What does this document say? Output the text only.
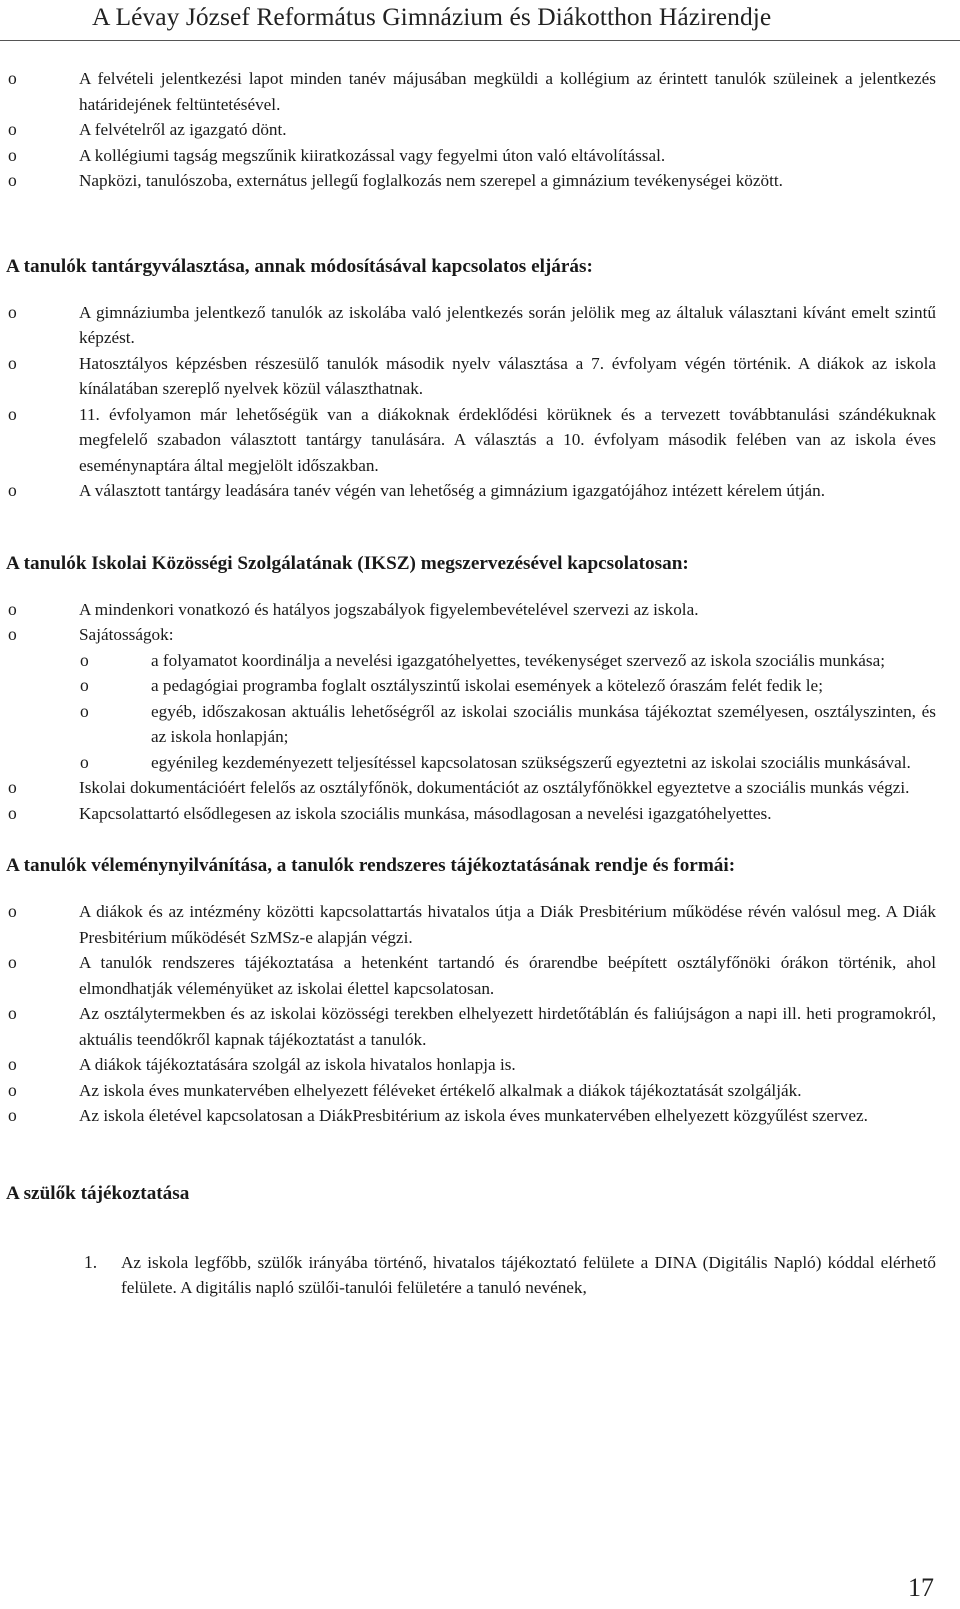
A Lévay József Református Gimnázium és Diákotthon Házirendje
o	A felvételi jelentkezési lapot minden tanév májusában megküldi a kollégium az érintett tanulók szüleinek a jelentkezés határidejének feltüntetésével.
o	A felvételről az igazgató dönt.
o	A kollégiumi tagság megszűnik kiiratkozással vagy fegyelmi úton való eltávolítással.
o	Napközi, tanulószoba, externátus jellegű foglalkozás nem szerepel a gimnázium tevékenységei között.
A tanulók tantárgyválasztása, annak módosításával kapcsolatos eljárás:
o	A gimnáziumba jelentkező tanulók az iskolába való jelentkezés során jelölik meg az általuk választani kívánt emelt szintű képzést.
o	Hatosztályos képzésben részesülő tanulók második nyelv választása a 7. évfolyam végén történik. A diákok az iskola kínálatában szereplő nyelvek közül választhatnak.
o	11. évfolyamon már lehetőségük van a diákoknak érdeklődési körüknek és a tervezett továbbtanulási szándékuknak megfelelő szabadon választott tantárgy tanulására. A választás a 10. évfolyam második felében van az iskola éves eseménynaptára által megjelölt időszakban.
o	A választott tantárgy leadására tanév végén van lehetőség a gimnázium igazgatójához intézett kérelem útján.
A tanulók Iskolai Közösségi Szolgálatának (IKSZ) megszervezésével kapcsolatosan:
o	A mindenkori vonatkozó és hatályos jogszabályok figyelembevételével szervezi az iskola.
o	Sajátosságok:
o	a folyamatot koordinálja a nevelési igazgatóhelyettes, tevékenységet szervező az iskola szociális munkása;
o	a pedagógiai programba foglalt osztályszintű iskolai események a kötelező óraszám felét fedik le;
o	egyéb, időszakosan aktuális lehetőségről az iskolai szociális munkása tájékoztat személyesen, osztályszinten, és az iskola honlapján;
o	egyénileg kezdeményezett teljesítéssel kapcsolatosan szükségszerű egyeztetni az iskolai szociális munkásával.
o	Iskolai dokumentációért felelős az osztályfőnök, dokumentációt az osztályfőnökkel egyeztetve a szociális munkás végzi.
o	Kapcsolattartó elsődlegesen az iskola szociális munkása, másodlagosan a nevelési igazgatóhelyettes.
A tanulók véleménynyilvánítása, a tanulók rendszeres tájékoztatásának rendje és formái:
o	A diákok és az intézmény közötti kapcsolattartás hivatalos útja a Diák Presbitérium működése révén valósul meg. A Diák Presbitérium működését SzMSz-e alapján végzi.
o	A tanulók rendszeres tájékoztatása a hetenként tartandó és órarendbe beépített osztályfőnöki órákon történik, ahol elmondhatják véleményüket az iskolai élettel kapcsolatosan.
o	Az osztálytermekben és az iskolai közösségi terekben elhelyezett hirdetőtáblán és faliújságon a napi ill. heti programokról, aktuális teendőkről kapnak tájékoztatást a tanulók.
o	A diákok tájékoztatására szolgál az iskola hivatalos honlapja is.
o	Az iskola éves munkatervében elhelyezett féléveket értékelő alkalmak a diákok tájékoztatását szolgálják.
o	Az iskola életével kapcsolatosan a DiákPresbitérium az iskola éves munkatervében elhelyezett közgyűlést szervez.
A szülők tájékoztatása
1. Az iskola legfőbb, szülők irányába történő, hivatalos tájékoztató felülete a DINA (Digitális Napló) kóddal elérhető felülete. A digitális napló szülői-tanulói felületére a tanuló nevének,
17
